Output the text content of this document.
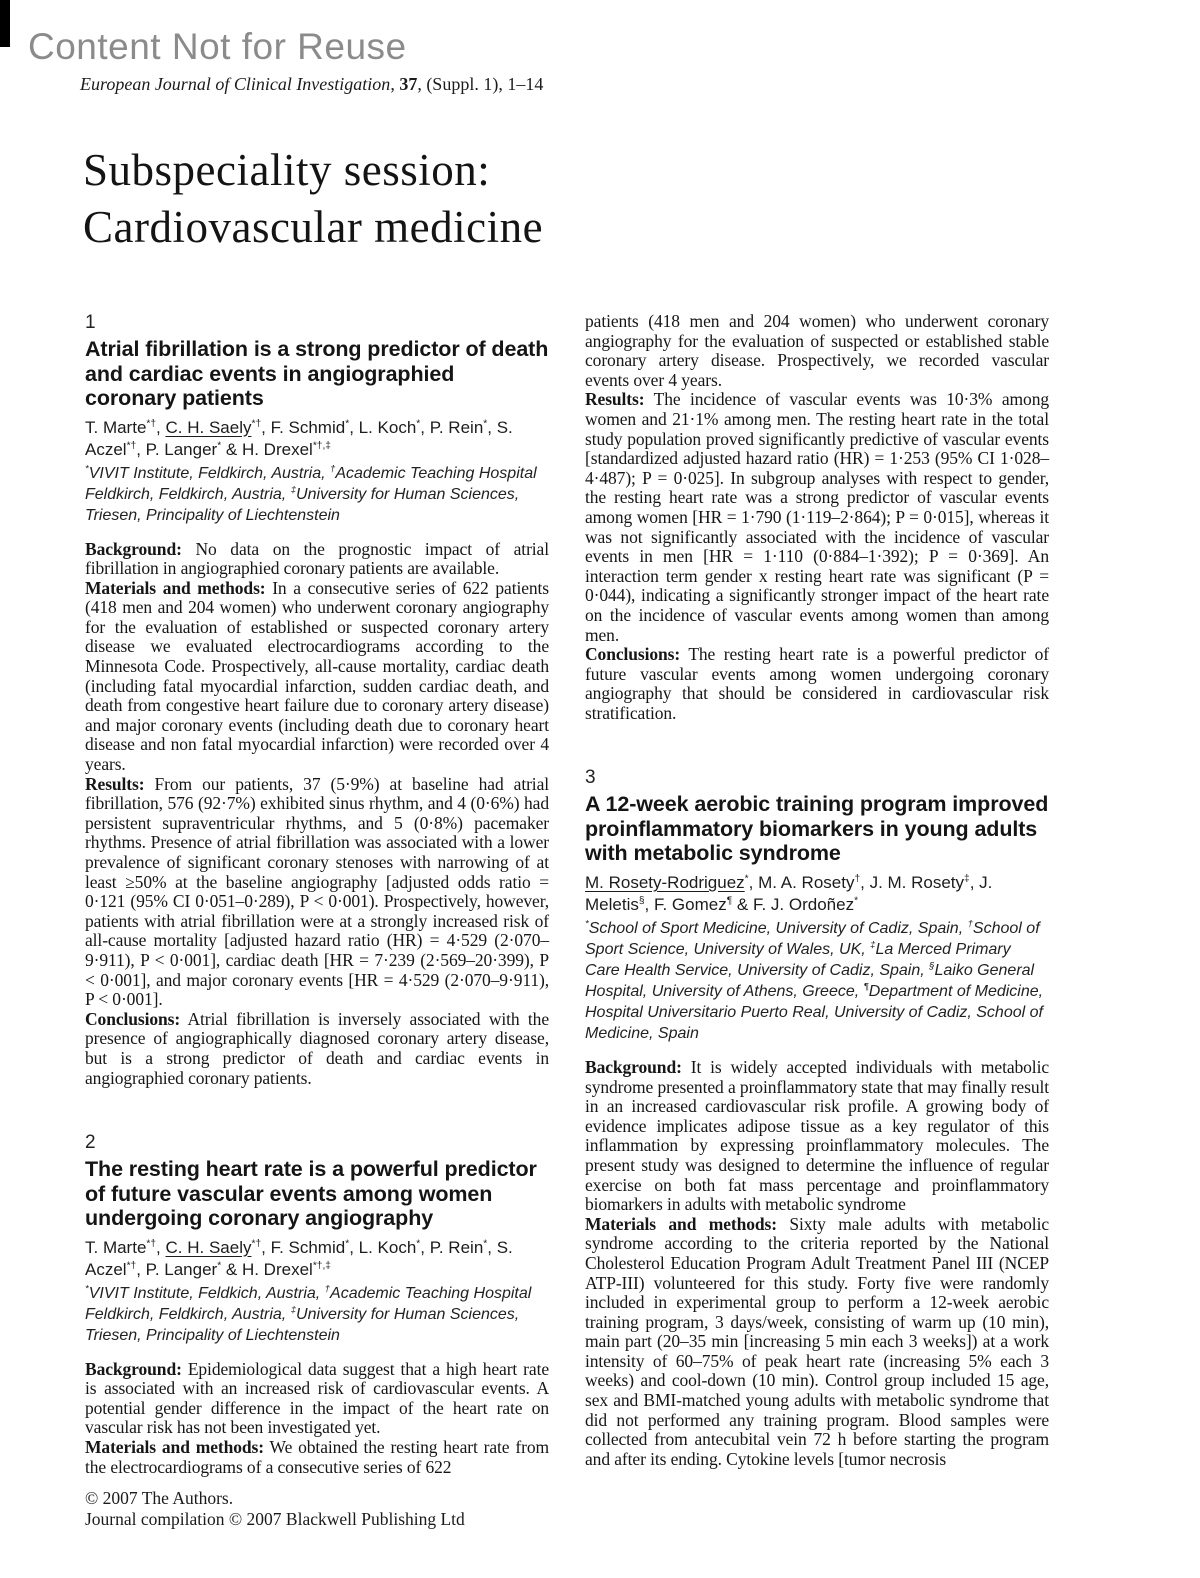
Content Not for Reuse
European Journal of Clinical Investigation, 37, (Suppl. 1), 1–14
Subspeciality session:
Cardiovascular medicine
1
Atrial fibrillation is a strong predictor of death and cardiac events in angiographied coronary patients
T. Marte*†, C. H. Saely*†, F. Schmid*, L. Koch*, P. Rein*, S. Aczel*†, P. Langer* & H. Drexel*†,‡
*VIVIT Institute, Feldkirch, Austria, †Academic Teaching Hospital Feldkirch, Feldkirch, Austria, ‡University for Human Sciences, Triesen, Principality of Liechtenstein
Background: No data on the prognostic impact of atrial fibrillation in angiographied coronary patients are available.
Materials and methods: In a consecutive series of 622 patients (418 men and 204 women) who underwent coronary angiography for the evaluation of established or suspected coronary artery disease we evaluated electrocardiograms according to the Minnesota Code. Prospectively, all-cause mortality, cardiac death (including fatal myocardial infarction, sudden cardiac death, and death from congestive heart failure due to coronary artery disease) and major coronary events (including death due to coronary heart disease and non fatal myocardial infarction) were recorded over 4 years.
Results: From our patients, 37 (5·9%) at baseline had atrial fibrillation, 576 (92·7%) exhibited sinus rhythm, and 4 (0·6%) had persistent supraventricular rhythms, and 5 (0·8%) pacemaker rhythms. Presence of atrial fibrillation was associated with a lower prevalence of significant coronary stenoses with narrowing of at least ≥50% at the baseline angiography [adjusted odds ratio = 0·121 (95% CI 0·051–0·289), P < 0·001). Prospectively, however, patients with atrial fibrillation were at a strongly increased risk of all-cause mortality [adjusted hazard ratio (HR) = 4·529 (2·070–9·911), P < 0·001], cardiac death [HR = 7·239 (2·569–20·399), P < 0·001], and major coronary events [HR = 4·529 (2·070–9·911), P < 0·001].
Conclusions: Atrial fibrillation is inversely associated with the presence of angiographically diagnosed coronary artery disease, but is a strong predictor of death and cardiac events in angiographied coronary patients.
2
The resting heart rate is a powerful predictor of future vascular events among women undergoing coronary angiography
T. Marte*†, C. H. Saely*†, F. Schmid*, L. Koch*, P. Rein*, S. Aczel*†, P. Langer* & H. Drexel*†,‡
*VIVIT Institute, Feldkich, Austria, †Academic Teaching Hospital Feldkirch, Feldkirch, Austria, ‡University for Human Sciences, Triesen, Principality of Liechtenstein
Background: Epidemiological data suggest that a high heart rate is associated with an increased risk of cardiovascular events. A potential gender difference in the impact of the heart rate on vascular risk has not been investigated yet.
Materials and methods: We obtained the resting heart rate from the electrocardiograms of a consecutive series of 622
patients (418 men and 204 women) who underwent coronary angiography for the evaluation of suspected or established stable coronary artery disease. Prospectively, we recorded vascular events over 4 years.
Results: The incidence of vascular events was 10·3% among women and 21·1% among men. The resting heart rate in the total study population proved significantly predictive of vascular events [standardized adjusted hazard ratio (HR) = 1·253 (95% CI 1·028–4·487); P = 0·025]. In subgroup analyses with respect to gender, the resting heart rate was a strong predictor of vascular events among women [HR = 1·790 (1·119–2·864); P = 0·015], whereas it was not significantly associated with the incidence of vascular events in men [HR = 1·110 (0·884–1·392); P = 0·369]. An interaction term gender x resting heart rate was significant (P = 0·044), indicating a significantly stronger impact of the heart rate on the incidence of vascular events among women than among men.
Conclusions: The resting heart rate is a powerful predictor of future vascular events among women undergoing coronary angiography that should be considered in cardiovascular risk stratification.
3
A 12-week aerobic training program improved proinflammatory biomarkers in young adults with metabolic syndrome
M. Rosety-Rodriguez*, M. A. Rosety†, J. M. Rosety‡, J. Meletis§, F. Gomez¶ & F. J. Ordoñez*
*School of Sport Medicine, University of Cadiz, Spain, †School of Sport Science, University of Wales, UK, ‡La Merced Primary Care Health Service, University of Cadiz, Spain, §Laiko General Hospital, University of Athens, Greece, ¶Department of Medicine, Hospital Universitario Puerto Real, University of Cadiz, School of Medicine, Spain
Background: It is widely accepted individuals with metabolic syndrome presented a proinflammatory state that may finally result in an increased cardiovascular risk profile. A growing body of evidence implicates adipose tissue as a key regulator of this inflammation by expressing proinflammatory molecules. The present study was designed to determine the influence of regular exercise on both fat mass percentage and proinflammatory biomarkers in adults with metabolic syndrome
Materials and methods: Sixty male adults with metabolic syndrome according to the criteria reported by the National Cholesterol Education Program Adult Treatment Panel III (NCEP ATP-III) volunteered for this study. Forty five were randomly included in experimental group to perform a 12-week aerobic training program, 3 days/week, consisting of warm up (10 min), main part (20–35 min [increasing 5 min each 3 weeks]) at a work intensity of 60–75% of peak heart rate (increasing 5% each 3 weeks) and cool-down (10 min). Control group included 15 age, sex and BMI-matched young adults with metabolic syndrome that did not performed any training program. Blood samples were collected from antecubital vein 72 h before starting the program and after its ending. Cytokine levels [tumor necrosis
© 2007 The Authors.
Journal compilation © 2007 Blackwell Publishing Ltd
